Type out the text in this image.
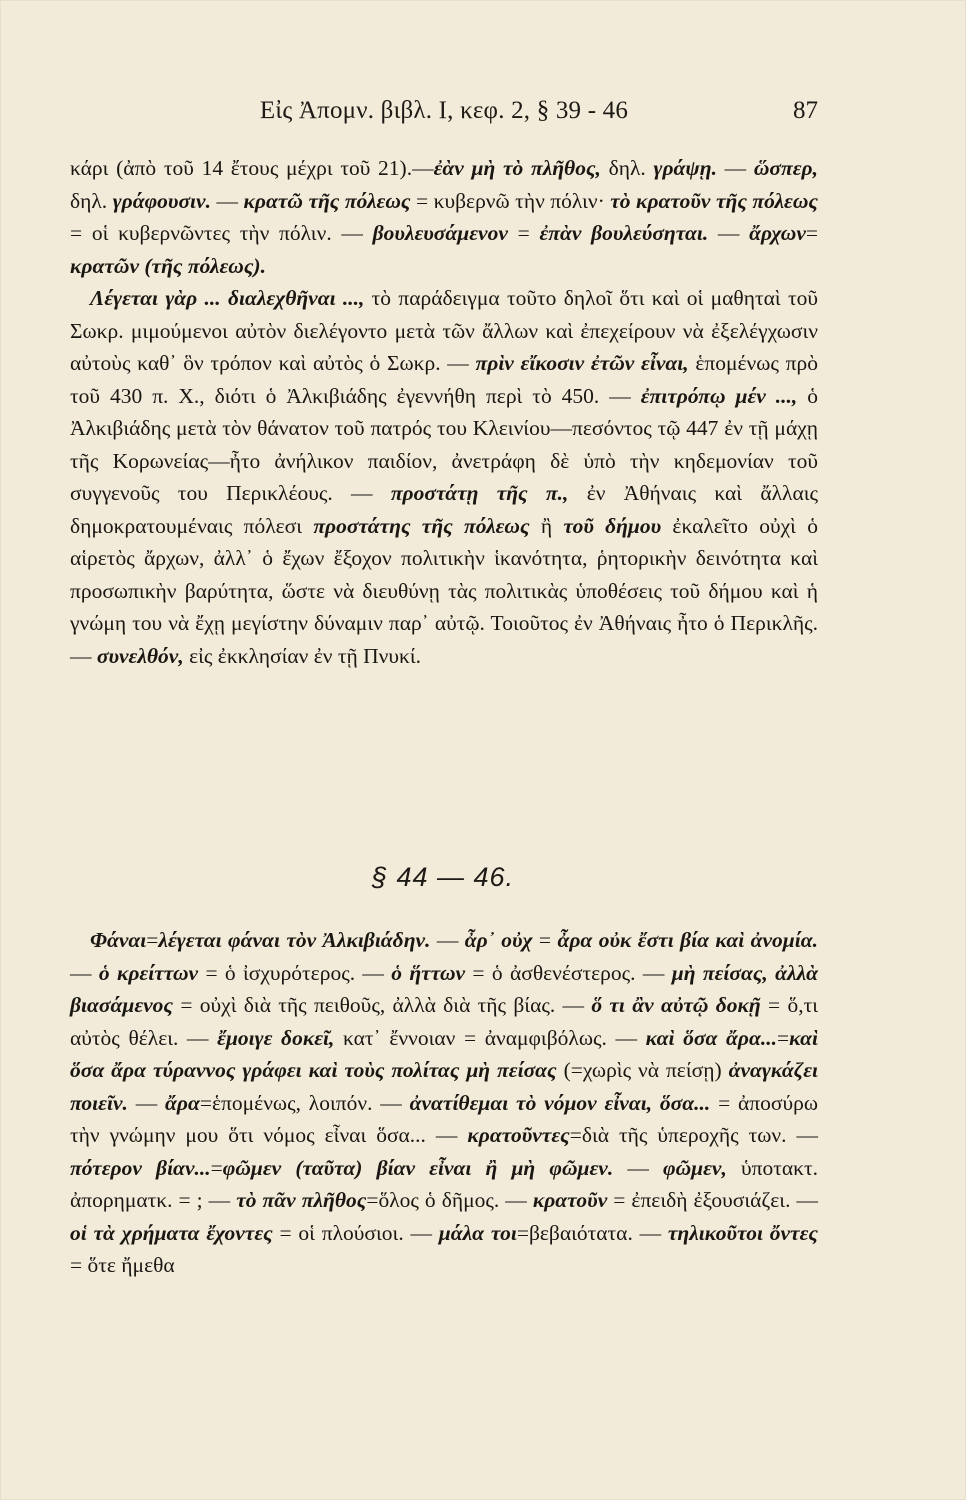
Εἰς Ἀπομν. βιβλ. Ι, κεφ. 2, § 39 - 46	87

κάρι (ἀπὸ τοῦ 14 ἔτους μέχρι τοῦ 21).—ἐὰν μὴ τὸ πλῆθος, δηλ. γράψῃ. — ὥσπερ, δηλ. γράφουσιν. — κρατῶ τῆς πόλεως = κυβερνῶ τὴν πόλιν· τὸ κρατοῦν τῆς πόλεως = οἱ κυβερνῶντες τὴν πόλιν. — βουλευσάμενον = ἐπὰν βουλεύσηται. — ἄρχων= κρατῶν (τῆς πόλεως).

Λέγεται γὰρ ... διαλεχθῆναι ..., τὸ παράδειγμα τοῦτο δηλοῖ ὅτι καὶ οἱ μαθηταὶ τοῦ Σωκρ. μιμούμενοι αὐτὸν διελέγοντο μετὰ τῶν ἄλλων καὶ ἐπεχείρουν νὰ ἐξελέγχωσιν αὐτοὺς καθ᾽ ὃν τρόπον καὶ αὐτὸς ὁ Σωκρ. — πρὶν εἴκοσιν ἐτῶν εἶναι, ἑπομένως πρὸ τοῦ 430 π. Χ., διότι ὁ Ἀλκιβιάδης ἐγεννήθη περὶ τὸ 450. — ἐπιτρόπῳ μέν ..., ὁ Ἀλκιβιάδης μετὰ τὸν θάνατον τοῦ πατρός του Κλεινίου—πεσόντος τῷ 447 ἐν τῇ μάχῃ τῆς Κορωνείας—ἦτο ἀνήλικον παιδίον, ἀνετράφη δὲ ὑπὸ τὴν κηδεμονίαν τοῦ συγγενοῦς του Περικλέους. — προστάτῃ τῆς π., ἐν Ἀθήναις καὶ ἄλλαις δημοκρατουμέναις πόλεσι προστάτης τῆς πόλεως ἢ τοῦ δήμου ἐκαλεῖτο οὐχὶ ὁ αἱρετὸς ἄρχων, ἀλλ᾽ ὁ ἔχων ἔξοχον πολιτικὴν ἱκανότητα, ῥητορικὴν δεινότητα καὶ προσωπικὴν βαρύτητα, ὥστε νὰ διευθύνῃ τὰς πολιτικὰς ὑποθέσεις τοῦ δήμου καὶ ἡ γνώμη του νὰ ἔχῃ μεγίστην δύναμιν παρ᾽ αὐτῷ. Τοιοῦτος ἐν Ἀθήναις ἦτο ὁ Περικλῆς. — συνελθόν, εἰς ἐκκλησίαν ἐν τῇ Πνυκί.

§ 44 — 46.

Φάναι=λέγεται φάναι τὸν Ἀλκιβιάδην. — ἆρ᾽ οὐχ = ἆρα οὐκ ἔστι βία καὶ ἀνομία. — ὁ κρείττων = ὁ ἰσχυρότερος. — ὁ ἥττων = ὁ ἀσθενέστερος. — μὴ πείσας, ἀλλὰ βιασάμενος = οὐχὶ διὰ τῆς πειθοῦς, ἀλλὰ διὰ τῆς βίας. — ὅ τι ἂν αὐτῷ δοκῇ = ὅ,τι αὐτὸς θέλει. — ἔμοιγε δοκεῖ, κατ᾽ ἔννοιαν = ἀναμφιβόλως. — καὶ ὅσα ἄρα...=καὶ ὅσα ἄρα τύραννος γράφει καὶ τοὺς πολίτας μὴ πείσας (=χωρὶς νὰ πείσῃ) ἀναγκάζει ποιεῖν. — ἄρα=ἑπομένως, λοιπόν. — ἀνατίθεμαι τὸ νόμον εἶναι, ὅσα... = ἀποσύρω τὴν γνώμην μου ὅτι νόμος εἶναι ὅσα... — κρατοῦντες=διὰ τῆς ὑπεροχῆς των. — πότερον βίαν...=φῶμεν (ταῦτα) βίαν εἶναι ἢ μὴ φῶμεν. — φῶμεν, ὑποτακτ. ἀπορηματκ. = ; — τὸ πᾶν πλῆθος=ὅλος ὁ δῆμος. — κρατοῦν = ἐπειδὴ ἐξουσιάζει. — οἱ τὰ χρήματα ἔχοντες = οἱ πλούσιοι. — μάλα τοι=βεβαιότατα. — τηλικοῦτοι ὄντες = ὅτε ἤμεθα
